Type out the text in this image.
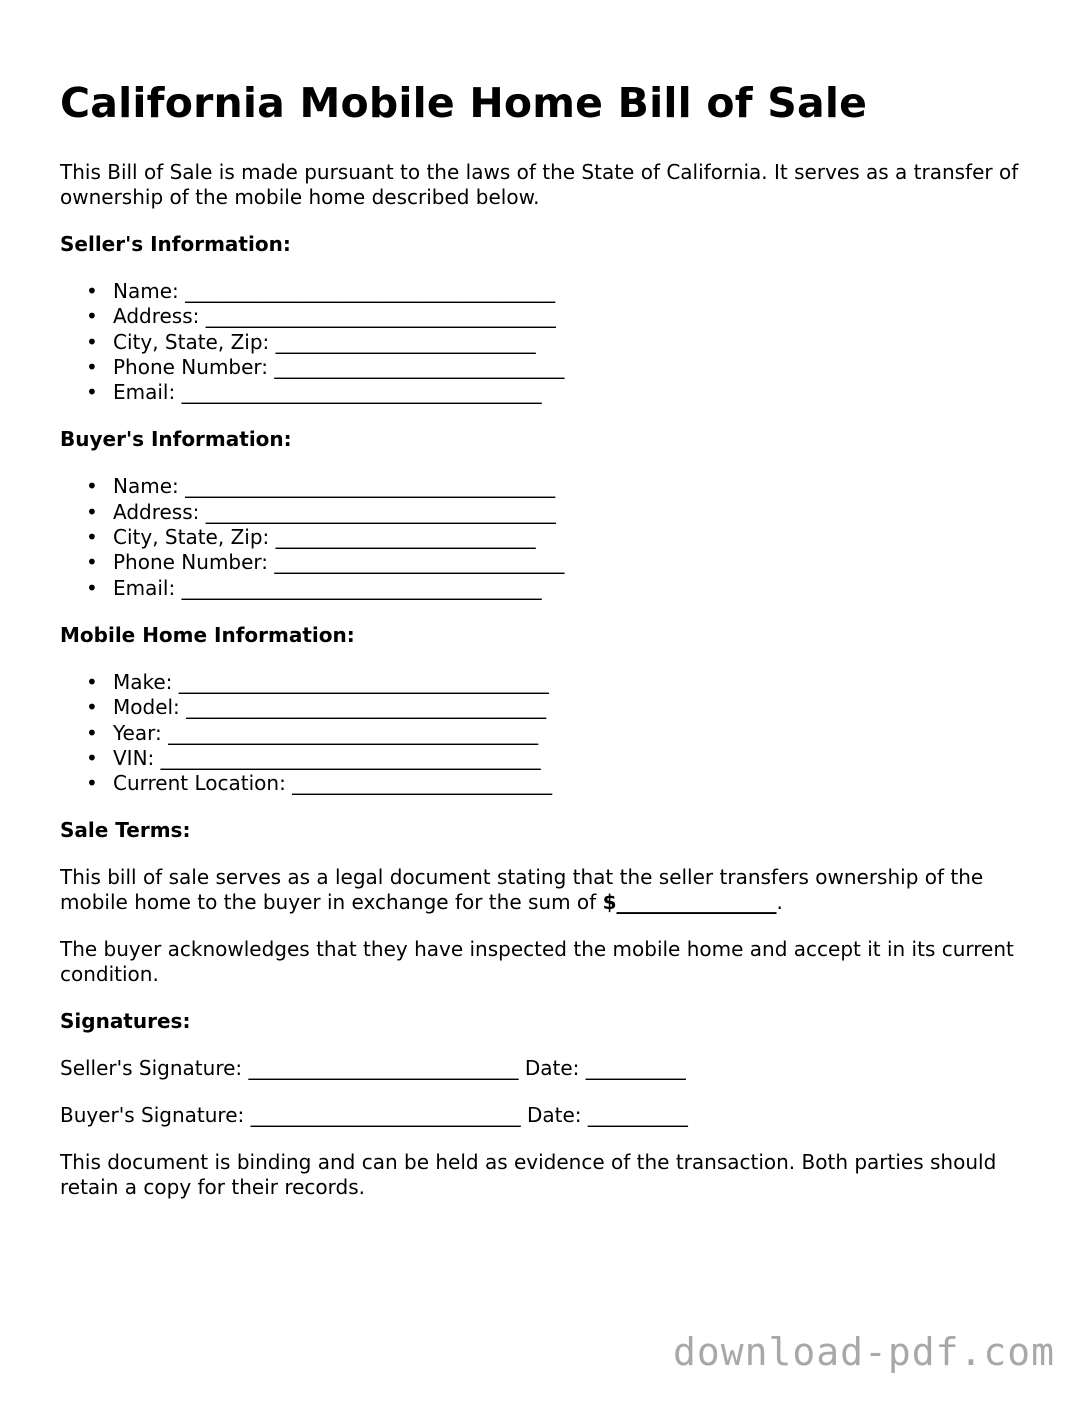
California Mobile Home Bill of Sale

This Bill of Sale is made pursuant to the laws of the State of California. It serves as a transfer of ownership of the mobile home described below.

Seller's Information:
• Name: _____________________________________
• Address: ___________________________________
• City, State, Zip: __________________________
• Phone Number: _____________________________
• Email: ____________________________________
Buyer's Information:
• Name: _____________________________________
• Address: ___________________________________
• City, State, Zip: __________________________
• Phone Number: _____________________________
• Email: ____________________________________
Mobile Home Information:
• Make: _____________________________________
• Model: ____________________________________
• Year: _____________________________________
• VIN: ______________________________________
• Current Location: __________________________
Sale Terms:

This bill of sale serves as a legal document stating that the seller transfers ownership of the mobile home to the buyer in exchange for the sum of $________________.

The buyer acknowledges that they have inspected the mobile home and accept it in its current condition.

Signatures:

Seller's Signature: ___________________________ Date: __________

Buyer's Signature: ___________________________ Date: __________

This document is binding and can be held as evidence of the transaction. Both parties should retain a copy for their records.

download-pdf.com
